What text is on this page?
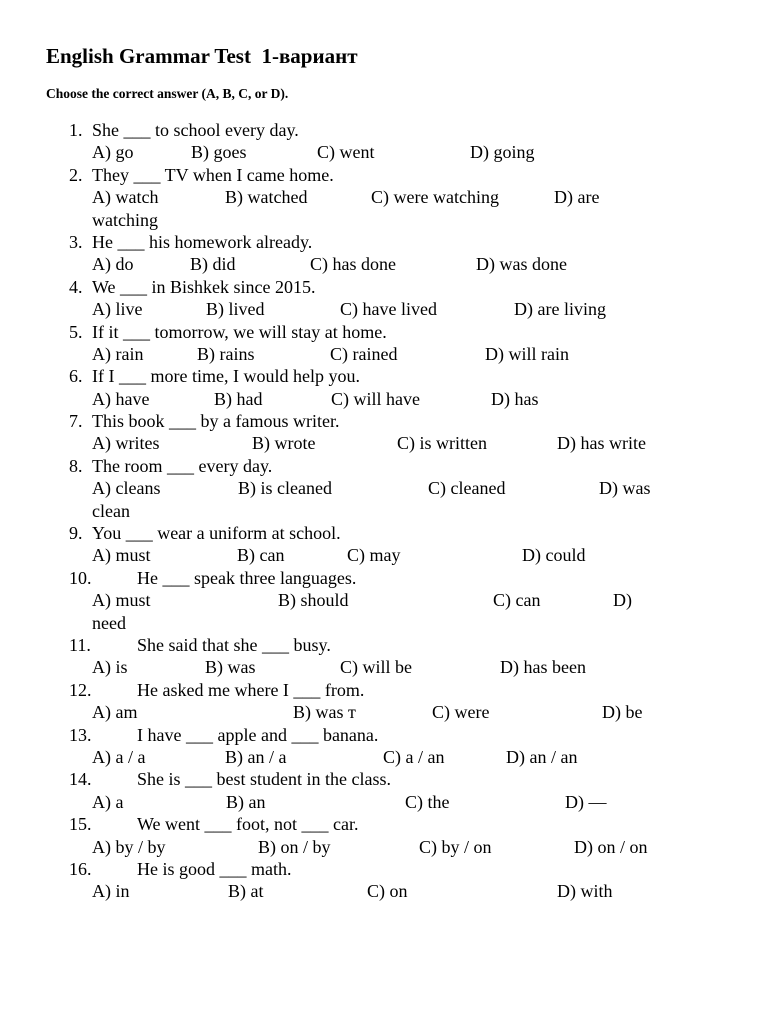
English Grammar Test  1-вариант

Choose the correct answer (A, B, C, or D).

1. She ___ to school every day.
A) go	B) goes	C) went	D) going
2. They ___ TV when I came home.
A) watch	B) watched	C) were watching	D) are
watching
3. He ___ his homework already.
A) do	B) did	C) has done	D) was done
4. We ___ in Bishkek since 2015.
A) live	B) lived	C) have lived	D) are living
5. If it ___ tomorrow, we will stay at home.
A) rain	B) rains	C) rained	D) will rain
6. If I ___ more time, I would help you.
A) have	B) had	C) will have	D) has
7. This book ___ by a famous writer.
A) writes	B) wrote	C) is written	D) has write
8. The room ___ every day.
A) cleans	B) is cleaned	C) cleaned	D) was
clean
9. You ___ wear a uniform at school.
A) must	B) can	C) may	D) could
10.	He ___ speak three languages.
A) must	B) should	C) can	D)
need
11.	She said that she ___ busy.
A) is	B) was	C) will be	D) has been
12.	He asked me where I ___ from.
A) am	B) was т	C) were	D) be
13.	I have ___ apple and ___ banana.
A) a / a	B) an / a	C) a / an	D) an / an
14.	She is ___ best student in the class.
A) a	B) an	C) the	D) —
15.	We went ___ foot, not ___ car.
A) by / by	B) on / by	C) by / on	D) on / on
16.	He is good ___ math.
A) in	B) at	C) on	D) with
